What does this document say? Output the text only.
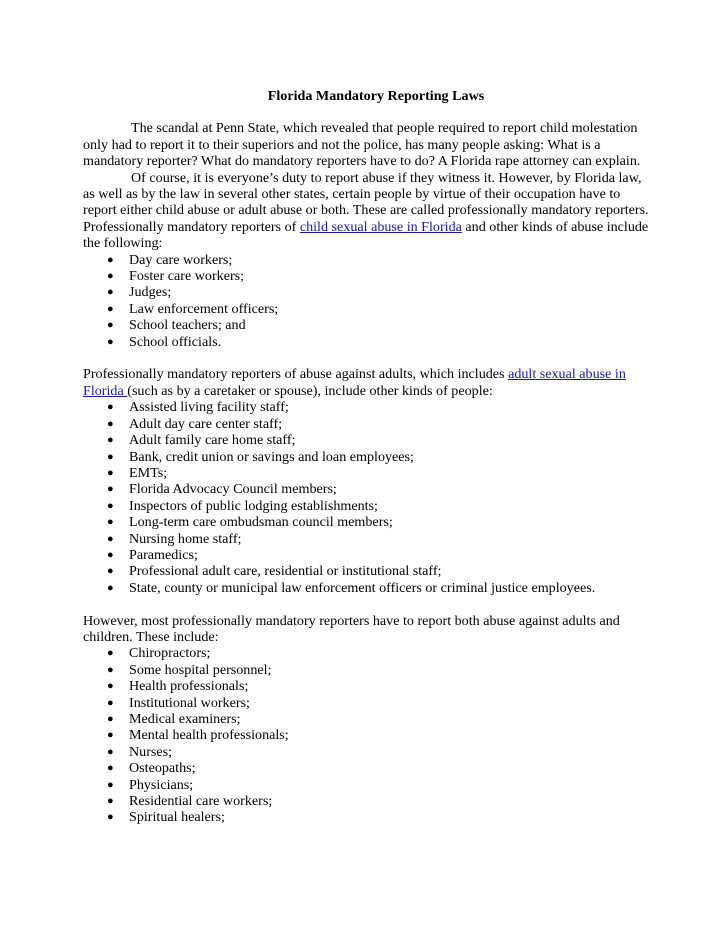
Florida Mandatory Reporting Laws

The scandal at Penn State, which revealed that people required to report child molestation only had to report it to their superiors and not the police, has many people asking: What is a mandatory reporter? What do mandatory reporters have to do? A Florida rape attorney can explain.

Of course, it is everyone’s duty to report abuse if they witness it. However, by Florida law, as well as by the law in several other states, certain people by virtue of their occupation have to report either child abuse or adult abuse or both. These are called professionally mandatory reporters. Professionally mandatory reporters of child sexual abuse in Florida and other kinds of abuse include the following:

● Day care workers;
● Foster care workers;
● Judges;
● Law enforcement officers;
● School teachers; and
● School officials.

Professionally mandatory reporters of abuse against adults, which includes adult sexual abuse in Florida (such as by a caretaker or spouse), include other kinds of people:

● Assisted living facility staff;
● Adult day care center staff;
● Adult family care home staff;
● Bank, credit union or savings and loan employees;
● EMTs;
● Florida Advocacy Council members;
● Inspectors of public lodging establishments;
● Long-term care ombudsman council members;
● Nursing home staff;
● Paramedics;
● Professional adult care, residential or institutional staff;
● State, county or municipal law enforcement officers or criminal justice employees.

However, most professionally mandatory reporters have to report both abuse against adults and children. These include:

● Chiropractors;
● Some hospital personnel;
● Health professionals;
● Institutional workers;
● Medical examiners;
● Mental health professionals;
● Nurses;
● Osteopaths;
● Physicians;
● Residential care workers;
● Spiritual healers;
